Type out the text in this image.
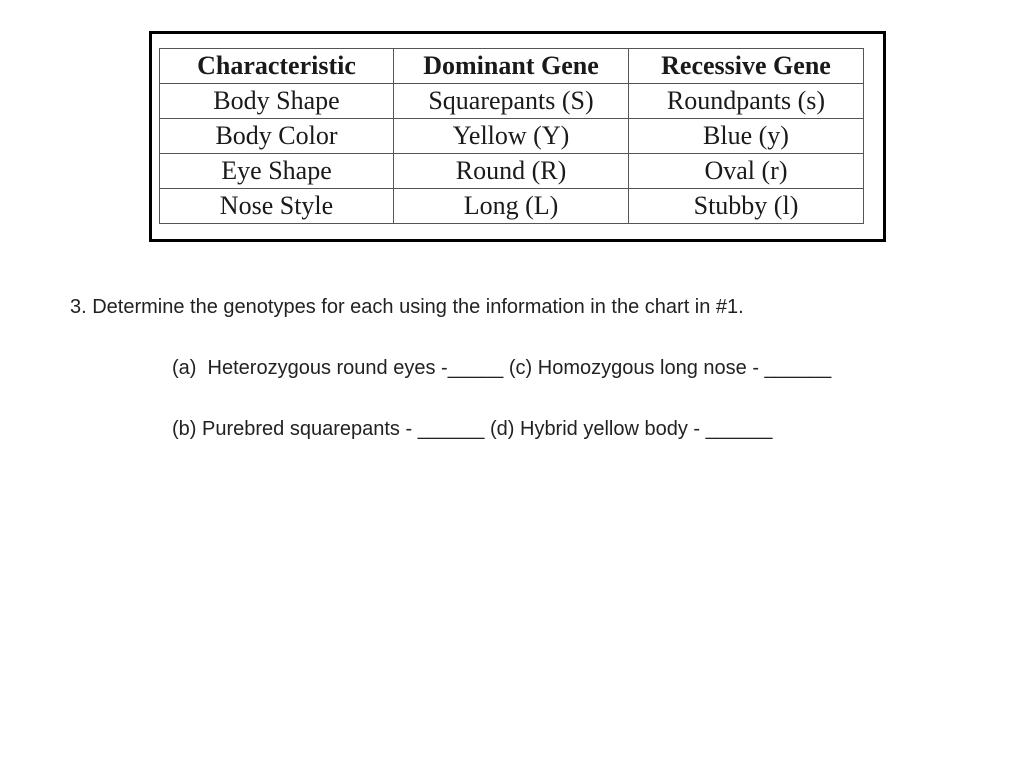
Characteristic	Dominant Gene	Recessive Gene
Body Shape	Squarepants (S)	Roundpants (s)
Body Color	Yellow (Y)	Blue (y)
Eye Shape	Round (R)	Oval (r)
Nose Style	Long (L)	Stubby (l)
3. Determine the genotypes for each using the information in the chart in #1.
(a)  Heterozygous round eyes -_____ (c) Homozygous long nose - ______
(b) Purebred squarepants - ______ (d) Hybrid yellow body - ______
